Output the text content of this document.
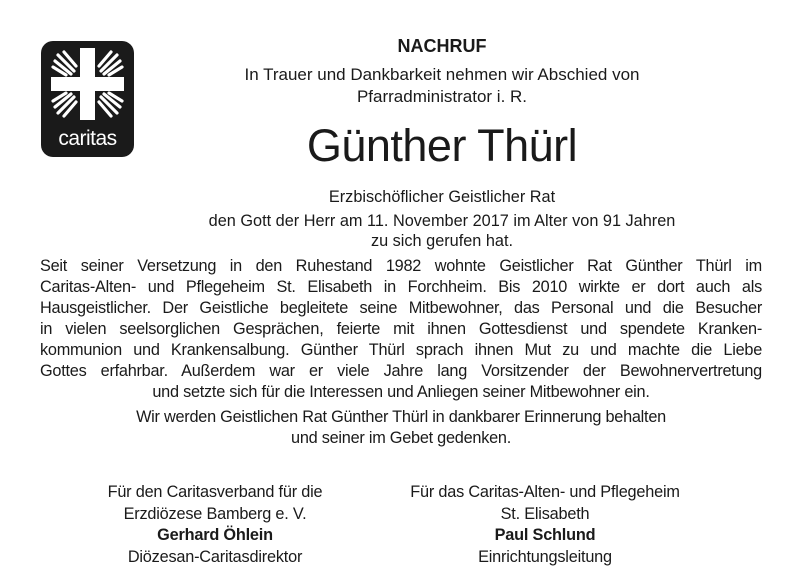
caritas
NACHRUF
In Trauer und Dankbarkeit nehmen wir Abschied von
Pfarradministrator i. R.
Günther Thürl
Erzbischöflicher Geistlicher Rat
den Gott der Herr am 11. November 2017 im Alter von 91 Jahren
zu sich gerufen hat.
Seit seiner Versetzung in den Ruhestand 1982 wohnte Geistlicher Rat Günther Thürl im
Caritas-Alten- und Pflegeheim St. Elisabeth in Forchheim. Bis 2010 wirkte er dort auch als
Hausgeistlicher. Der Geistliche begleitete seine Mitbewohner, das Personal und die Besucher
in vielen seelsorglichen Gesprächen, feierte mit ihnen Gottesdienst und spendete Kranken-
kommunion und Krankensalbung. Günther Thürl sprach ihnen Mut zu und machte die Liebe
Gottes erfahrbar. Außerdem war er viele Jahre lang Vorsitzender der Bewohnervertretung
und setzte sich für die Interessen und Anliegen seiner Mitbewohner ein.
Wir werden Geistlichen Rat Günther Thürl in dankbarer Erinnerung behalten
und seiner im Gebet gedenken.
Für den Caritasverband für die
Erzdiözese Bamberg e. V.
Gerhard Öhlein
Diözesan-Caritasdirektor
Für das Caritas-Alten- und Pflegeheim
St. Elisabeth
Paul Schlund
Einrichtungsleitung
